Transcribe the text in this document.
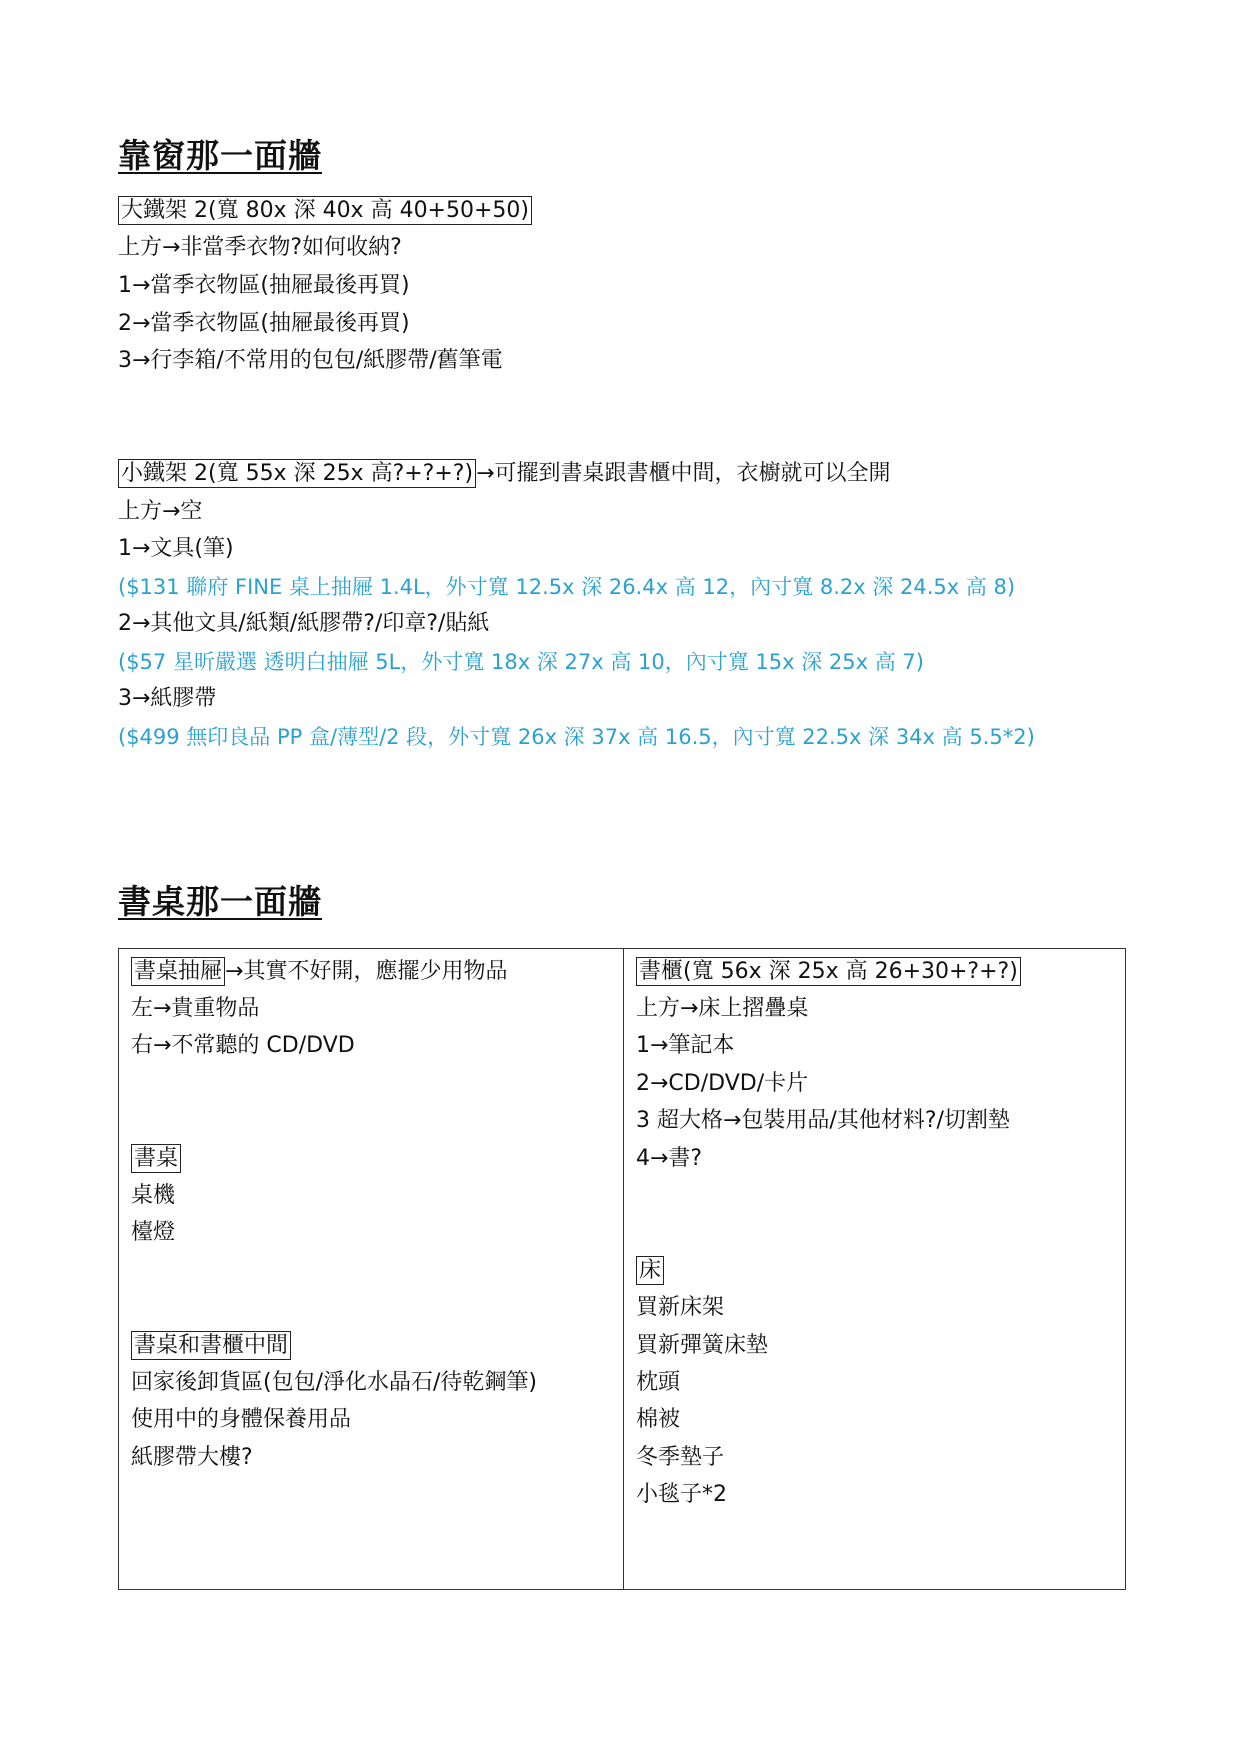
靠窗那一面牆
大鐵架 2(寬 80x 深 40x 高 40+50+50)
上方→非當季衣物?如何收納?
1→當季衣物區(抽屜最後再買)
2→當季衣物區(抽屜最後再買)
3→行李箱/不常用的包包/紙膠帶/舊筆電
小鐵架 2(寬 55x 深 25x 高?+?+?) →可擺到書桌跟書櫃中間，衣櫥就可以全開
上方→空
1→文具(筆)
($131 聯府 FINE 桌上抽屜 1.4L，外寸寬 12.5x 深 26.4x 高 12，內寸寬 8.2x 深 24.5x 高 8)
2→其他文具/紙類/紙膠帶?/印章?/貼紙
($57 星昕嚴選 透明白抽屜 5L，外寸寬 18x 深 27x 高 10，內寸寬 15x 深 25x 高 7)
3→紙膠帶
($499 無印良品 PP 盒/薄型/2 段，外寸寬 26x 深 37x 高 16.5，內寸寬 22.5x 深 34x 高 5.5*2)
書桌那一面牆
書桌抽屜 →其實不好開，應擺少用物品
左→貴重物品
右→不常聽的 CD/DVD
書桌
桌機
檯燈
書桌和書櫃中間
回家後卸貨區(包包/淨化水晶石/待乾鋼筆)
使用中的身體保養用品
紙膠帶大樓?
書櫃(寬 56x 深 25x 高 26+30+?+?)
上方→床上摺疊桌
1→筆記本
2→CD/DVD/卡片
3 超大格→包裝用品/其他材料?/切割墊
4→書?
床
買新床架
買新彈簧床墊
枕頭
棉被
冬季墊子
小毯子*2
